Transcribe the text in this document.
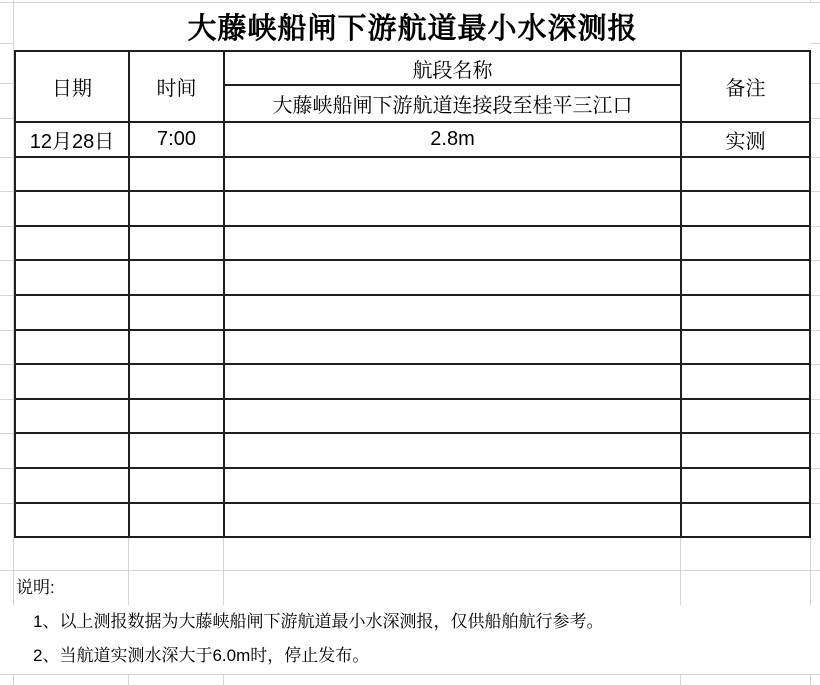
大藤峡船闸下游航道最小水深测报			
日期	时间	航段名称	备注
		大藤峡船闸下游航道连接段至桂平三江口	
12月28日	7:00	2.8m	实测

说明:
1、以上测报数据为大藤峡船闸下游航道最小水深测报，仅供船舶航行参考。
2、当航道实测水深大于6.0m时，停止发布。
